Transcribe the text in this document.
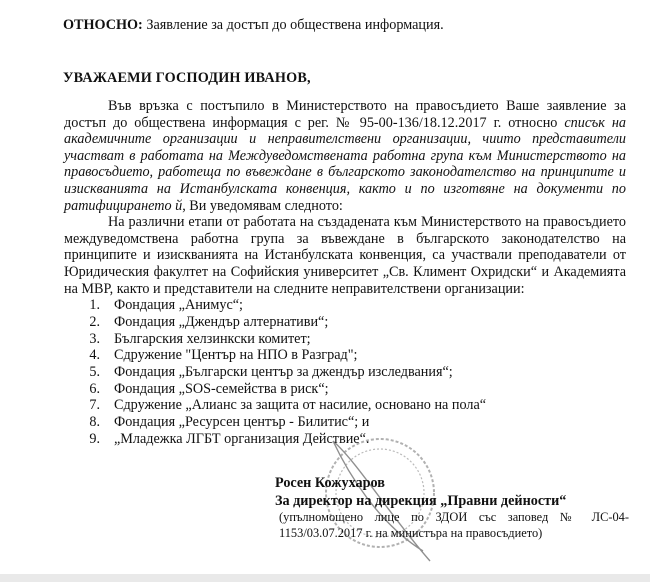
ОТНОСНО: Заявление за достъп до обществена информация.
УВАЖАЕМИ ГОСПОДИН ИВАНОВ,

Във връзка с постъпило в Министерството на правосъдието Ваше заявление за достъп до обществена информация с рег. № 95-00-136/18.12.2017 г. относно списък на академичните организации и неправителствени организации, чиито представители участват в работата на Междуведомствената работна група към Министерството на правосъдието, работеща по въвеждане в българското законодателство на принципите и изискванията на Истанбулската конвенция, както и по изготвяне на документи по ратифицирането й, Ви уведомявам следното:

На различни етапи от работата на създадената към Министерството на правосъдието междуведомствена работна група за въвеждане в българското законодателство на принципите и изискванията на Истанбулската конвенция, са участвали преподаватели от Юридическия факултет на Софийския университет „Св. Климент Охридски“ и Академията на МВР, както и представители на следните неправителствени организации:

1. Фондация „Анимус“;
2. Фондация „Джендър алтернативи“;
3. Българския хелзинкски комитет;
4. Сдружение "Център на НПО в Разград";
5. Фондация „Български център за джендър изследвания“;
6. Фондация „SOS-семейства в риск“;
7. Сдружение „Алианс за защита от насилие, основано на пола“
8. Фондация „Ресурсен център - Билитис“; и
9. „Младежка ЛГБТ организация Действие“.
Росен Кожухаров
За директор на дирекция „Правни дейности“
(упълномощено лице по ЗДОИ със заповед № ЛС-04-1153/03.07.2017 г. на министъра на правосъдието)
